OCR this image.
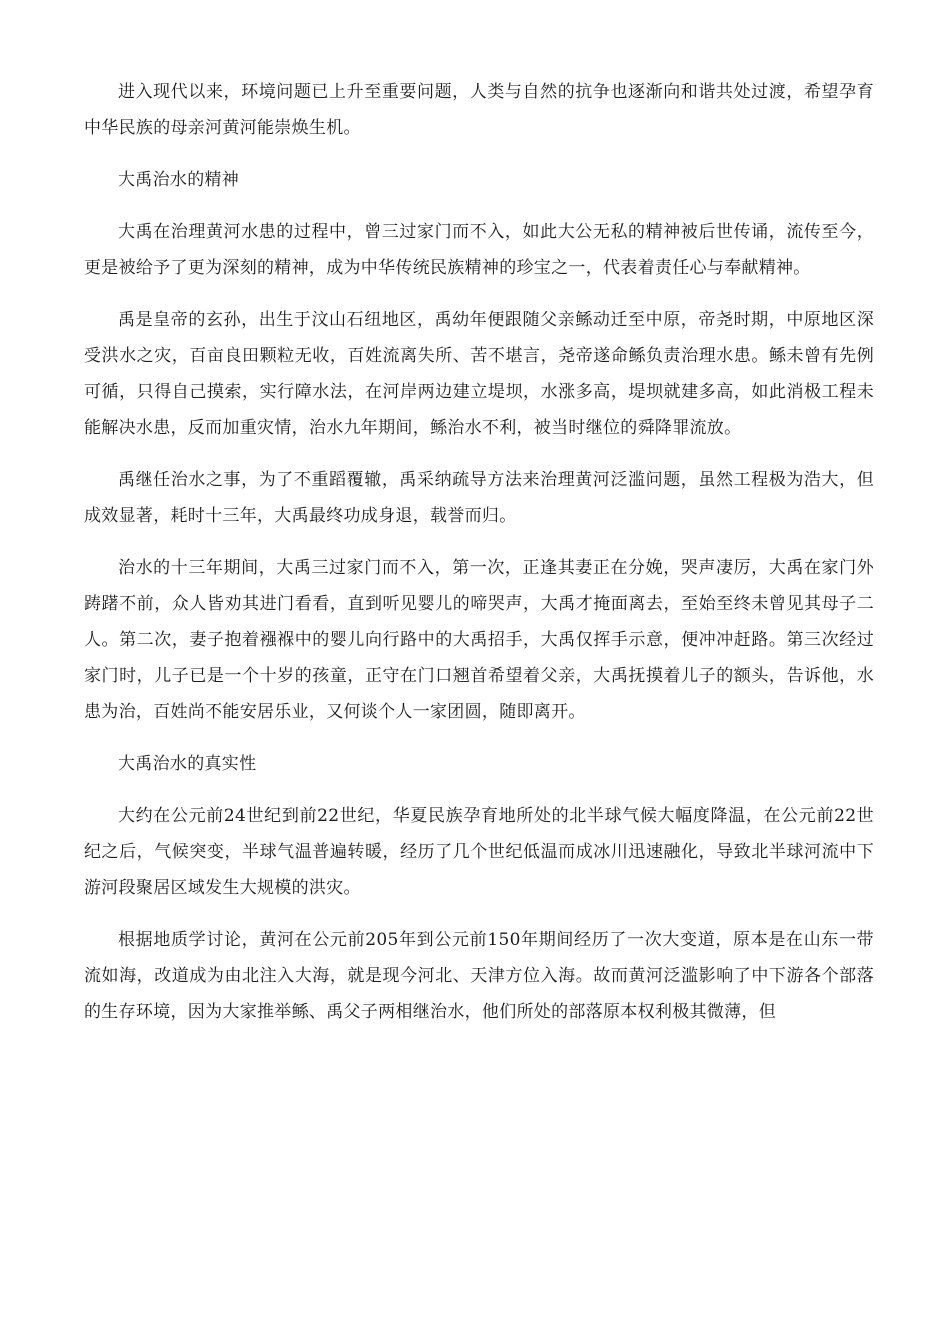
进入现代以来，环境问题已上升至重要问题，人类与自然的抗争也逐渐向和谐共处过渡，希望孕育中华民族的母亲河黄河能崇焕生机。

大禹治水的精神

大禹在治理黄河水患的过程中，曾三过家门而不入，如此大公无私的精神被后世传诵，流传至今，更是被给予了更为深刻的精神，成为中华传统民族精神的珍宝之一，代表着责任心与奉献精神。

禹是皇帝的玄孙，出生于汶山石纽地区，禹幼年便跟随父亲鲧动迁至中原，帝尧时期，中原地区深受洪水之灾，百亩良田颗粒无收，百姓流离失所、苦不堪言，尧帝遂命鲧负责治理水患。鲧未曾有先例可循，只得自己摸索，实行障水法，在河岸两边建立堤坝，水涨多高，堤坝就建多高，如此消极工程未能解决水患，反而加重灾情，治水九年期间，鲧治水不利，被当时继位的舜降罪流放。

禹继任治水之事，为了不重蹈覆辙，禹采纳疏导方法来治理黄河泛滥问题，虽然工程极为浩大，但成效显著，耗时十三年，大禹最终功成身退，载誉而归。

治水的十三年期间，大禹三过家门而不入，第一次，正逢其妻正在分娩，哭声凄厉，大禹在家门外踌躇不前，众人皆劝其进门看看，直到听见婴儿的啼哭声，大禹才掩面离去，至始至终未曾见其母子二人。第二次，妻子抱着襁褓中的婴儿向行路中的大禹招手，大禹仅挥手示意，便冲冲赶路。第三次经过家门时，儿子已是一个十岁的孩童，正守在门口翘首希望着父亲，大禹抚摸着儿子的额头，告诉他，水患为治，百姓尚不能安居乐业，又何谈个人一家团圆，随即离开。

大禹治水的真实性

大约在公元前24世纪到前22世纪，华夏民族孕育地所处的北半球气候大幅度降温，在公元前22世纪之后，气候突变，半球气温普遍转暖，经历了几个世纪低温而成冰川迅速融化，导致北半球河流中下游河段聚居区域发生大规模的洪灾。

根据地质学讨论，黄河在公元前205年到公元前150年期间经历了一次大变道，原本是在山东一带流如海，改道成为由北注入大海，就是现今河北、天津方位入海。故而黄河泛滥影响了中下游各个部落的生存环境，因为大家推举鲧、禹父子两相继治水，他们所处的部落原本权利极其微薄，但
